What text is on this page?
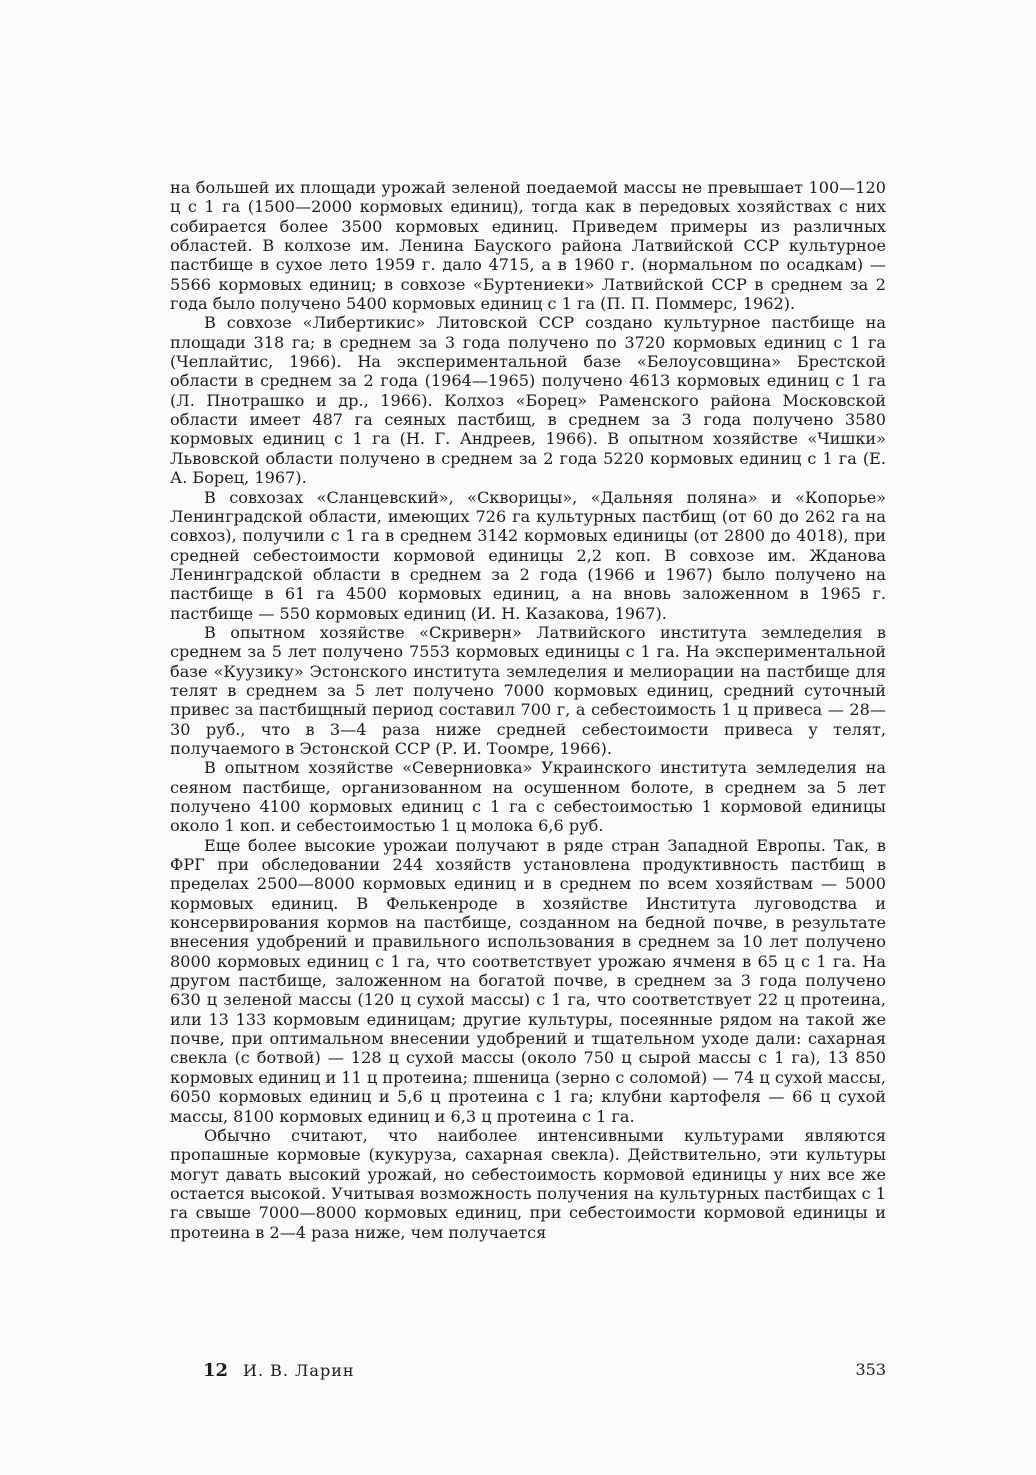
на большей их площади урожай зеленой поедаемой массы не превышает 100—120 ц с 1 га (1500—2000 кормовых единиц), тогда как в передовых хозяйствах с них собирается более 3500 кормовых единиц. Приведем примеры из различных областей. В колхозе им. Ленина Бауского района Латвийской ССР культурное пастбище в сухое лето 1959 г. дало 4715, а в 1960 г. (нормальном по осадкам) — 5566 кормовых единиц; в совхозе «Буртениеки» Латвийской ССР в среднем за 2 года было получено 5400 кормовых единиц с 1 га (П. П. Поммерс, 1962).

В совхозе «Либертикис» Литовской ССР создано культурное пастбище на площади 318 га; в среднем за 3 года получено по 3720 кормовых единиц с 1 га (Чеплайтис, 1966). На экспериментальной базе «Белоусовщина» Брестской области в среднем за 2 года (1964—1965) получено 4613 кормовых единиц с 1 га (Л. Пнотрашко и др., 1966). Колхоз «Борец» Раменского района Московской области имеет 487 га сеяных пастбищ, в среднем за 3 года получено 3580 кормовых единиц с 1 га (Н. Г. Андреев, 1966). В опытном хозяйстве «Чишки» Львовской области получено в среднем за 2 года 5220 кормовых единиц с 1 га (Е. А. Борец, 1967).

В совхозах «Сланцевский», «Скворицы», «Дальняя поляна» и «Копорье» Ленинградской области, имеющих 726 га культурных пастбищ (от 60 до 262 га на совхоз), получили с 1 га в среднем 3142 кормовых единицы (от 2800 до 4018), при средней себестоимости кормовой единицы 2,2 коп. В совхозе им. Жданова Ленинградской области в среднем за 2 года (1966 и 1967) было получено на пастбище в 61 га 4500 кормовых единиц, а на вновь заложенном в 1965 г. пастбище — 550 кормовых единиц (И. Н. Казакова, 1967).

В опытном хозяйстве «Скриверн» Латвийского института земледелия в среднем за 5 лет получено 7553 кормовых единицы с 1 га. На экспериментальной базе «Куузику» Эстонского института земледелия и мелиорации на пастбище для телят в среднем за 5 лет получено 7000 кормовых единиц, средний суточный привес за пастбищный период составил 700 г, а себестоимость 1 ц привеса — 28—30 руб., что в 3—4 раза ниже средней себестоимости привеса у телят, получаемого в Эстонской ССР (Р. И. Тоомре, 1966).

В опытном хозяйстве «Северниовка» Украинского института земледелия на сеяном пастбище, организованном на осушенном болоте, в среднем за 5 лет получено 4100 кормовых единиц с 1 га с себестоимостью 1 кормовой единицы около 1 коп. и себестоимостью 1 ц молока 6,6 руб.

Еще более высокие урожаи получают в ряде стран Западной Европы. Так, в ФРГ при обследовании 244 хозяйств установлена продуктивность пастбищ в пределах 2500—8000 кормовых единиц и в среднем по всем хозяйствам — 5000 кормовых единиц. В Фелькенроде в хозяйстве Института луговодства и консервирования кормов на пастбище, созданном на бедной почве, в результате внесения удобрений и правильного использования в среднем за 10 лет получено 8000 кормовых единиц с 1 га, что соответствует урожаю ячменя в 65 ц с 1 га. На другом пастбище, заложенном на богатой почве, в среднем за 3 года получено 630 ц зеленой массы (120 ц сухой массы) с 1 га, что соответствует 22 ц протеина, или 13 133 кормовым единицам; другие культуры, посеянные рядом на такой же почве, при оптимальном внесении удобрений и тщательном уходе дали: сахарная свекла (с ботвой) — 128 ц сухой массы (около 750 ц сырой массы с 1 га), 13 850 кормовых единиц и 11 ц протеина; пшеница (зерно с соломой) — 74 ц сухой массы, 6050 кормовых единиц и 5,6 ц протеина с 1 га; клубни картофеля — 66 ц сухой массы, 8100 кормовых единиц и 6,3 ц протеина с 1 га.

Обычно считают, что наиболее интенсивными культурами являются пропашные кормовые (кукуруза, сахарная свекла). Действительно, эти культуры могут давать высокий урожай, но себестоимость кормовой единицы у них все же остается высокой. Учитывая возможность получения на культурных пастбищах с 1 га свыше 7000—8000 кормовых единиц, при себестоимости кормовой единицы и протеина в 2—4 раза ниже, чем получается

12 И. В. Ларин	353
